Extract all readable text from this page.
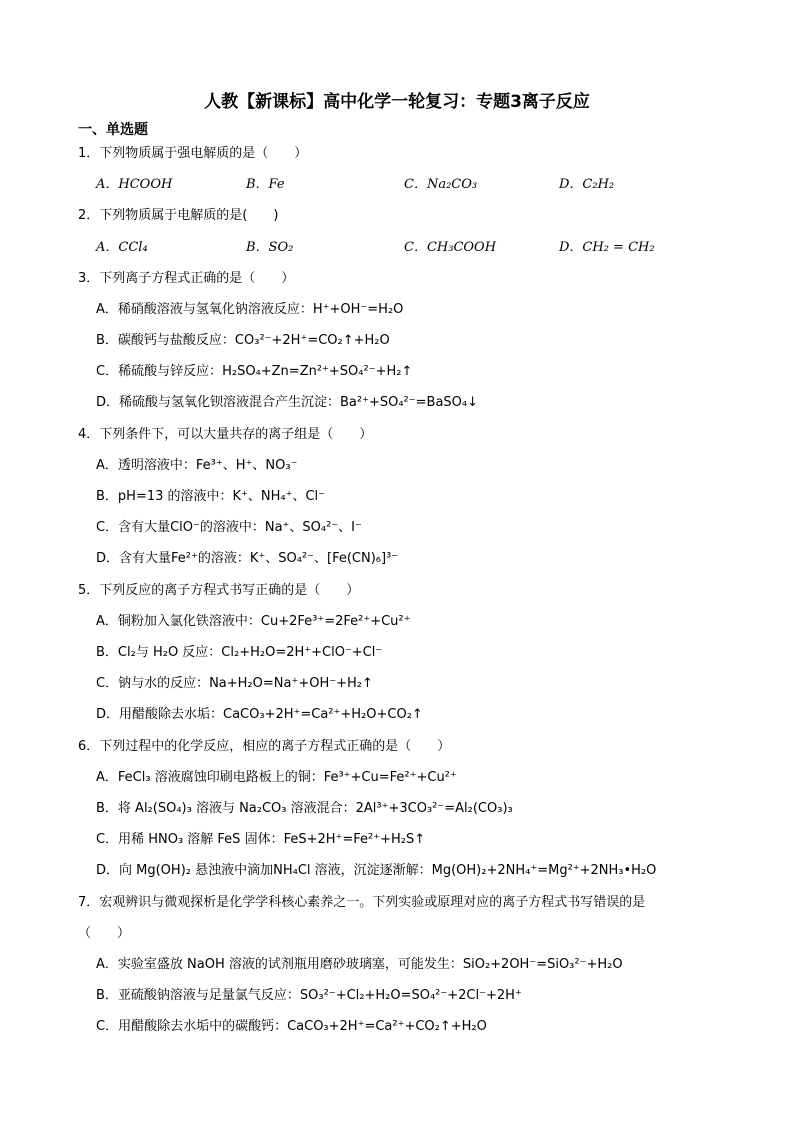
人教【新课标】高中化学一轮复习：专题3离子反应
一、单选题
1．下列物质属于强电解质的是（　　）
A．HCOOH	B．Fe	C．Na₂CO₃	D．C₂H₂
2．下列物质属于电解质的是(　　)
A．CCl₄	B．SO₂	C．CH₃COOH	D．CH₂ = CH₂
3．下列离子方程式正确的是（　　）
A．稀硝酸溶液与氢氧化钠溶液反应：H⁺+OH⁻=H₂O
B．碳酸钙与盐酸反应：CO₃²⁻+2H⁺=CO₂↑+H₂O
C．稀硫酸与锌反应：H₂SO₄+Zn=Zn²⁺+SO₄²⁻+H₂↑
D．稀硫酸与氢氧化钡溶液混合产生沉淀：Ba²⁺+SO₄²⁻=BaSO₄↓
4．下列条件下，可以大量共存的离子组是（　　）
A．透明溶液中：Fe³⁺、H⁺、NO₃⁻
B．pH=13 的溶液中：K⁺、NH₄⁺、Cl⁻
C．含有大量ClO⁻的溶液中：Na⁺、SO₄²⁻、I⁻
D．含有大量Fe²⁺的溶液：K⁺、SO₄²⁻、[Fe(CN)₆]³⁻
5．下列反应的离子方程式书写正确的是（　　）
A．铜粉加入氯化铁溶液中：Cu+2Fe³⁺=2Fe²⁺+Cu²⁺
B．Cl₂与 H₂O 反应：Cl₂+H₂O=2H⁺+ClO⁻+Cl⁻
C．钠与水的反应：Na+H₂O=Na⁺+OH⁻+H₂↑
D．用醋酸除去水垢：CaCO₃+2H⁺=Ca²⁺+H₂O+CO₂↑
6．下列过程中的化学反应，相应的离子方程式正确的是（　　）
A．FeCl₃ 溶液腐蚀印刷电路板上的铜：Fe³⁺+Cu=Fe²⁺+Cu²⁺
B．将 Al₂(SO₄)₃ 溶液与 Na₂CO₃ 溶液混合：2Al³⁺+3CO₃²⁻=Al₂(CO₃)₃
C．用稀 HNO₃ 溶解 FeS 固体：FeS+2H⁺=Fe²⁺+H₂S↑
D．向 Mg(OH)₂ 悬浊液中滴加NH₄Cl 溶液，沉淀逐渐解：Mg(OH)₂+2NH₄⁺=Mg²⁺+2NH₃•H₂O
7．宏观辨识与微观探析是化学学科核心素养之一。下列实验或原理对应的离子方程式书写错误的是
（　　）
A．实验室盛放 NaOH 溶液的试剂瓶用磨砂玻璃塞，可能发生：SiO₂+2OH⁻=SiO₃²⁻+H₂O
B．亚硫酸钠溶液与足量氯气反应：SO₃²⁻+Cl₂+H₂O=SO₄²⁻+2Cl⁻+2H⁺
C．用醋酸除去水垢中的碳酸钙：CaCO₃+2H⁺=Ca²⁺+CO₂↑+H₂O
